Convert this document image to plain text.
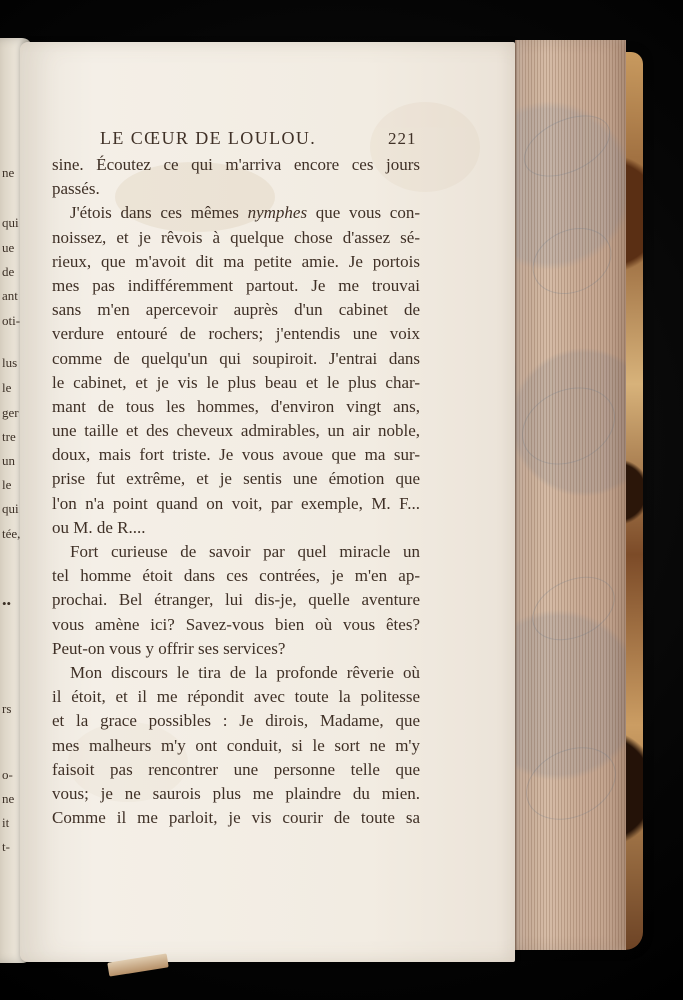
ne
qui
ue
de
ant
oti-
lus
le
ger
tre
un
le
qui
tée,
••
rs
o-
ne
it
t-
LE CŒUR DE LOULOU.	221
sine. Écoutez ce qui m'arriva encore ces jours
passés.
J'étois dans ces mêmes nymphes que vous con-
noissez, et je rêvois à quelque chose d'assez sé-
rieux, que m'avoit dit ma petite amie. Je portois
mes pas indifféremment partout. Je me trouvai
sans m'en apercevoir auprès d'un cabinet de
verdure entouré de rochers; j'entendis une voix
comme de quelqu'un qui soupiroit. J'entrai dans
le cabinet, et je vis le plus beau et le plus char-
mant de tous les hommes, d'environ vingt ans,
une taille et des cheveux admirables, un air noble,
doux, mais fort triste. Je vous avoue que ma sur-
prise fut extrême, et je sentis une émotion que
l'on n'a point quand on voit, par exemple, M. F...
ou M. de R....
Fort curieuse de savoir par quel miracle un
tel homme étoit dans ces contrées, je m'en ap-
prochai. Bel étranger, lui dis-je, quelle aventure
vous amène ici? Savez-vous bien où vous êtes?
Peut-on vous y offrir ses services?
Mon discours le tira de la profonde rêverie où
il étoit, et il me répondit avec toute la politesse
et la grace possibles : Je dirois, Madame, que
mes malheurs m'y ont conduit, si le sort ne m'y
faisoit pas rencontrer une personne telle que
vous; je ne saurois plus me plaindre du mien.
Comme il me parloit, je vis courir de toute sa
